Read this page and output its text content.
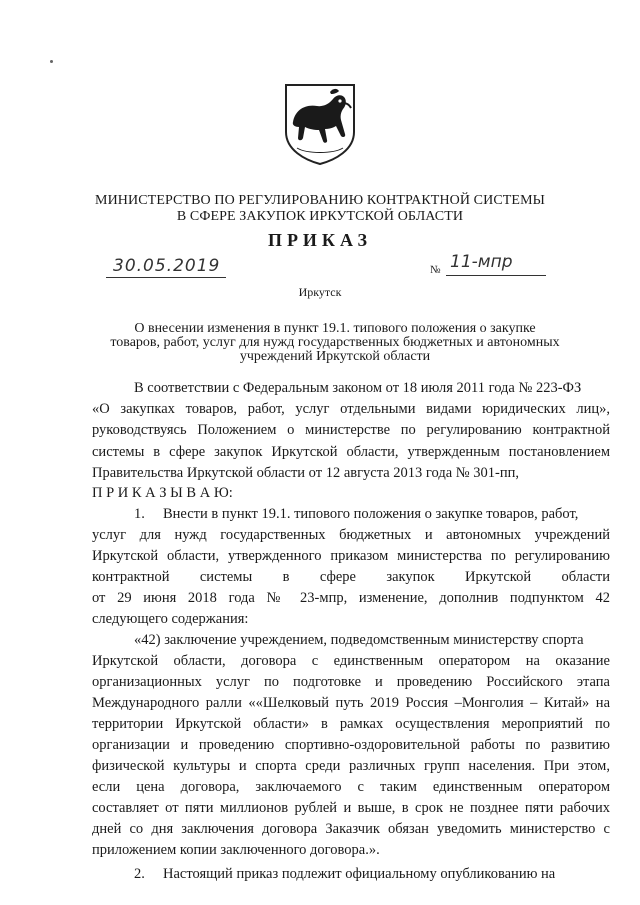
МИНИСТЕРСТВО ПО РЕГУЛИРОВАНИЮ КОНТРАКТНОЙ СИСТЕМЫ
В СФЕРЕ ЗАКУПОК ИРКУТСКОЙ ОБЛАСТИ
ПРИКАЗ
30.05.2019	№ 11-мпр
Иркутск
О внесении изменения в пункт 19.1. типового положения о закупке
товаров, работ, услуг для нужд государственных бюджетных и автономных
учреждений Иркутской области
В соответствии с Федеральным законом от 18 июля 2011 года № 223-ФЗ
«О закупках товаров, работ, услуг отдельными видами юридических лиц»,
руководствуясь Положением о министерстве по регулированию контрактной
системы в сфере закупок Иркутской области, утвержденным постановлением
Правительства Иркутской области от 12 августа 2013 года № 301-пп,
П Р И К А З Ы В А Ю:
1.     Внести в пункт 19.1. типового положения о закупке товаров, работ,
услуг для нужд государственных бюджетных и автономных учреждений
Иркутской области, утвержденного приказом министерства по регулированию
контрактной системы в сфере закупок Иркутской области
от 29 июня 2018 года № 23-мпр, изменение, дополнив подпунктом 42
следующего содержания:
«42) заключение учреждением, подведомственным министерству спорта
Иркутской области, договора с единственным оператором на оказание
организационных услуг по подготовке и проведению Российского этапа
Международного ралли ««Шелковый путь 2019 Россия –Монголия – Китай» на
территории Иркутской области» в рамках осуществления мероприятий по
организации и проведению спортивно-оздоровительной работы по развитию
физической культуры и спорта среди различных групп населения. При этом,
если цена договора, заключаемого с таким единственным оператором
составляет от пяти миллионов рублей и выше, в срок не позднее пяти рабочих
дней со дня заключения договора Заказчик обязан уведомить министерство с
приложением копии заключенного договора.».
2.     Настоящий приказ подлежит официальному опубликованию на
